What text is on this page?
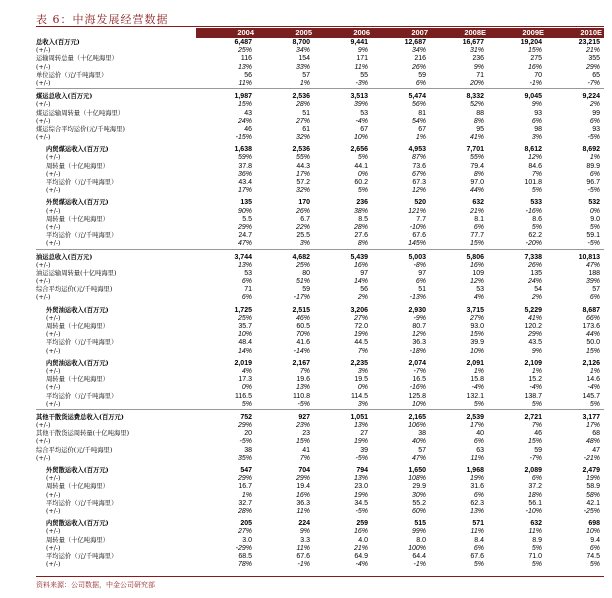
表 6：中海发展经营数据
2004	2005	2006	2007	2008E	2009E	2010E
总收入(百万元)	6,487	8,700	9,441	12,687	16,677	19,204	23,215
(+/-)	25%	34%	9%	34%	31%	15%	21%
运输周转总量（十亿吨海里）	116	154	171	216	236	275	355
(+/-)	13%	33%	11%	26%	9%	16%	29%
单位运价（元/千吨海里）	56	57	55	59	71	70	65
(+/-)	11%	1%	-3%	6%	20%	-1%	-7%
煤运总收入(百万元)	1,987	2,536	3,513	5,474	8,332	9,045	9,224
(+/-)	15%	28%	39%	56%	52%	9%	2%
煤运运输周转量（十亿吨海里）	43	51	53	81	88	93	99
(+/-)	24%	27%	-4%	54%	8%	6%	6%
煤运综合平均运价(元/千吨海里)	46	61	67	67	95	98	93
(+/-)	-15%	32%	10%	1%	41%	3%	-5%
内贸煤运收入(百万元)	1,638	2,536	2,656	4,953	7,701	8,612	8,692
(+/-)	59%	55%	5%	87%	55%	12%	1%
周转量（十亿吨海里）	37.8	44.3	44.1	73.6	79.4	84.6	89.9
(+/-)	36%	17%	0%	67%	8%	7%	6%
平均运价（元/千吨海里）	43.4	57.2	60.2	67.3	97.0	101.8	96.7
(+/-)	17%	32%	5%	12%	44%	5%	-5%
外贸煤运收入(百万元)	135	170	236	520	632	533	532
(+/-)	90%	26%	38%	121%	21%	-16%	0%
周转量（十亿吨海里）	5.5	6.7	8.5	7.7	8.1	8.6	9.0
(+/-)	29%	22%	28%	-10%	6%	5%	5%
平均运价（元/千吨海里）	24.7	25.5	27.6	67.6	77.7	62.2	59.1
(+/-)	47%	3%	8%	145%	15%	-20%	-5%
油运总收入(百万元)	3,744	4,682	5,439	5,003	5,806	7,338	10,813
(+/-)	13%	25%	16%	-8%	16%	26%	47%
油运运输周转量(十亿吨海里)	53	80	97	97	109	135	188
(+/-)	6%	51%	14%	6%	12%	24%	39%
综合平均运价(元/千吨海里)	71	59	56	51	53	54	57
(+/-)	6%	-17%	2%	-13%	4%	2%	6%
外贸油运收入(百万元)	1,725	2,515	3,206	2,930	3,715	5,229	8,687
(+/-)	25%	46%	27%	-9%	27%	41%	66%
周转量（十亿吨海里）	35.7	60.5	72.0	80.7	93.0	120.2	173.6
(+/-)	10%	70%	19%	12%	15%	29%	44%
平均运价（元/千吨海里）	48.4	41.6	44.5	36.3	39.9	43.5	50.0
(+/-)	14%	-14%	7%	-18%	10%	9%	15%
内贸油运收入(百万元)	2,019	2,167	2,235	2,074	2,091	2,109	2,126
(+/-)	4%	7%	3%	-7%	1%	1%	1%
周转量（十亿吨海里）	17.3	19.6	19.5	16.5	15.8	15.2	14.6
(+/-)	0%	13%	0%	-16%	-4%	-4%	-4%
平均运价（元/千吨海里）	116.5	110.8	114.5	125.8	132.1	138.7	145.7
(+/-)	5%	-5%	3%	10%	5%	5%	5%
其他干散货运费总收入(百万元)	752	927	1,051	2,165	2,539	2,721	3,177
(+/-)	29%	23%	13%	106%	17%	7%	17%
其他干散货运周转量(十亿吨海里)	20	23	27	38	40	46	68
(+/-)	-5%	15%	19%	40%	6%	15%	48%
综合平均运价(元/千吨海里)	38	41	39	57	63	59	47
(+/-)	35%	7%	-5%	47%	11%	-7%	-21%
外贸散运收入(百万元)	547	704	794	1,650	1,968	2,089	2,479
(+/-)	29%	29%	13%	108%	19%	6%	19%
周转量（十亿吨海里）	16.7	19.4	23.0	29.9	31.6	37.2	58.9
(+/-)	1%	16%	19%	30%	6%	18%	58%
平均运价（元/千吨海里）	32.7	36.3	34.5	55.2	62.3	56.1	42.1
(+/-)	28%	11%	-5%	60%	13%	-10%	-25%
内贸散运收入(百万元)	205	224	259	515	571	632	698
(+/-)	27%	9%	16%	99%	11%	11%	10%
周转量（十亿吨海里）	3.0	3.3	4.0	8.0	8.4	8.9	9.4
(+/-)	-29%	11%	21%	100%	6%	5%	6%
平均运价（元/千吨海里）	68.5	67.6	64.9	64.4	67.6	71.0	74.5
(+/-)	78%	-1%	-4%	-1%	5%	5%	5%
资料来源：公司数据，中金公司研究部
